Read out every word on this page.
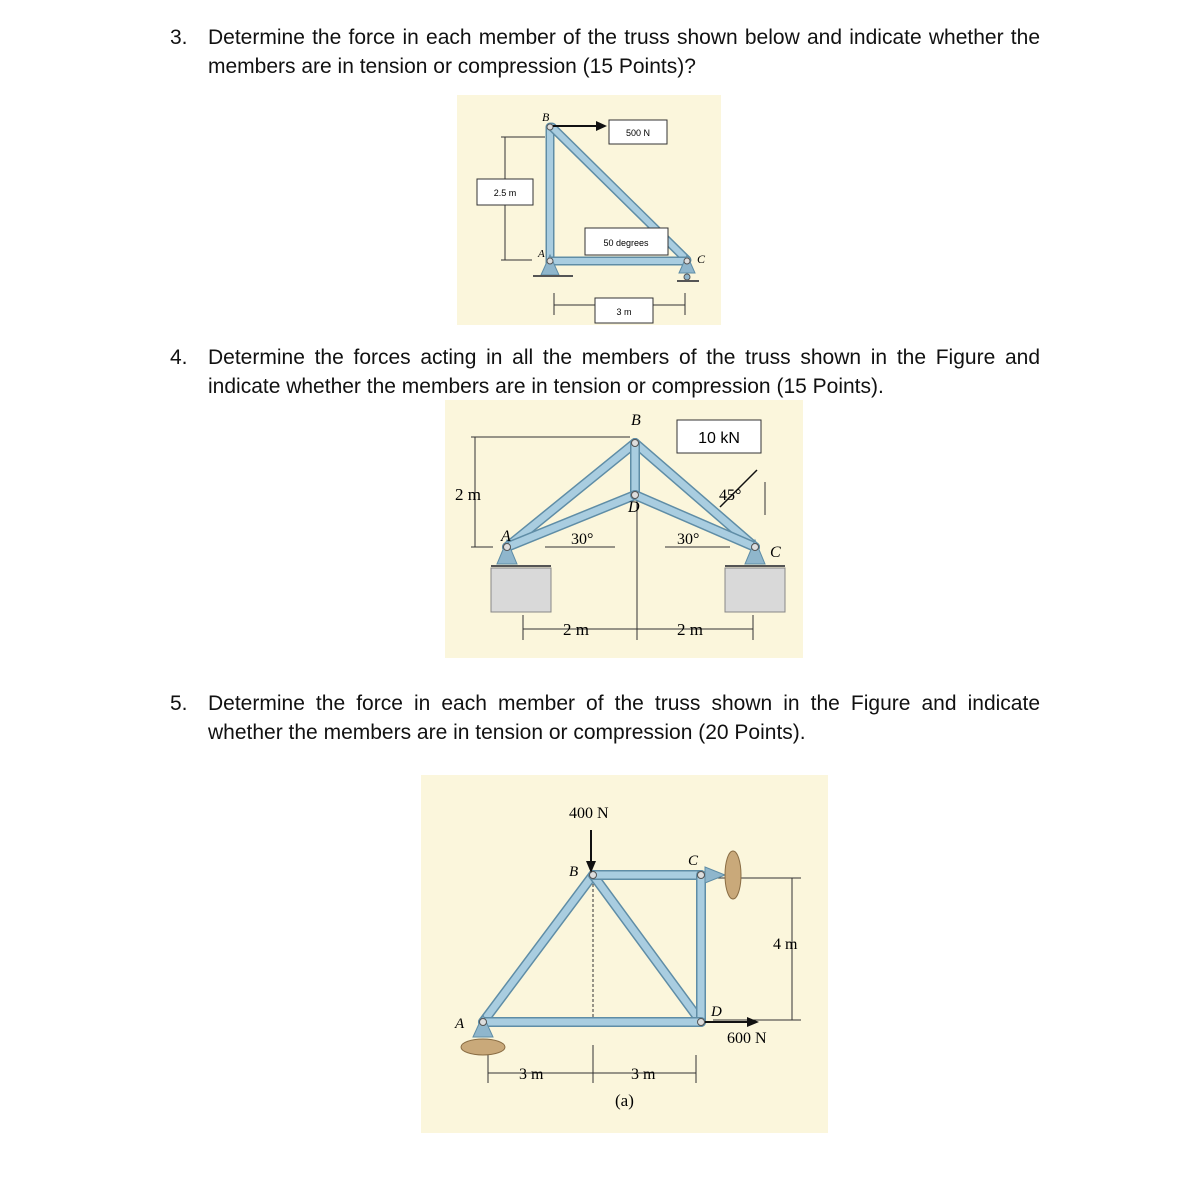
3. Determine the force in each member of the truss shown below and indicate whether the members are in tension or compression (15 Points)?
B
A	C
500 N
2.5 m
50 degrees
3 m
4. Determine the forces acting in all the members of the truss shown in the Figure and indicate whether the members are in tension or compression (15 Points).
B
A
C
D
10 kN
2 m
30°	30°
45°
2 m	2 m
5. Determine the force in each member of the truss shown in the Figure and indicate whether the members are in tension or compression (20 Points).
400 N
B
C
A
D
4 m
600 N
3 m	3 m
(a)
